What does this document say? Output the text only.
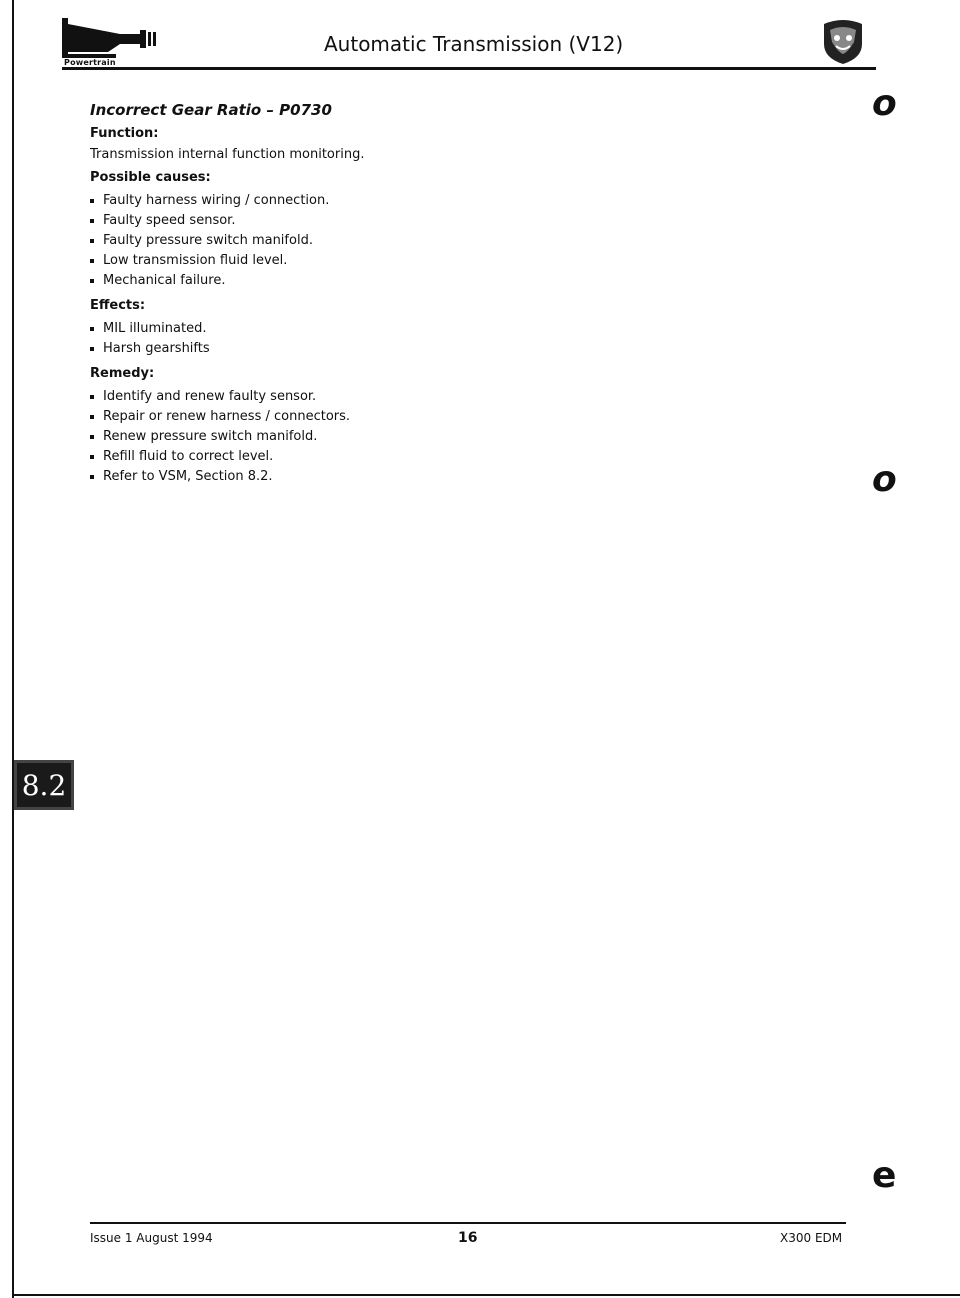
Powertrain
Automatic Transmission (V12)
Incorrect Gear Ratio – P0730
Function:
Transmission internal function monitoring.
Possible causes:
Faulty harness wiring / connection.
Faulty speed sensor.
Faulty pressure switch manifold.
Low transmission fluid level.
Mechanical failure.
Effects:
MIL illuminated.
Harsh gearshifts
Remedy:
Identify and renew faulty sensor.
Repair or renew harness / connectors.
Renew pressure switch manifold.
Refill fluid to correct level.
Refer to VSM, Section 8.2.
o
o
e
8.2
Issue 1 August 1994	16	X300 EDM
